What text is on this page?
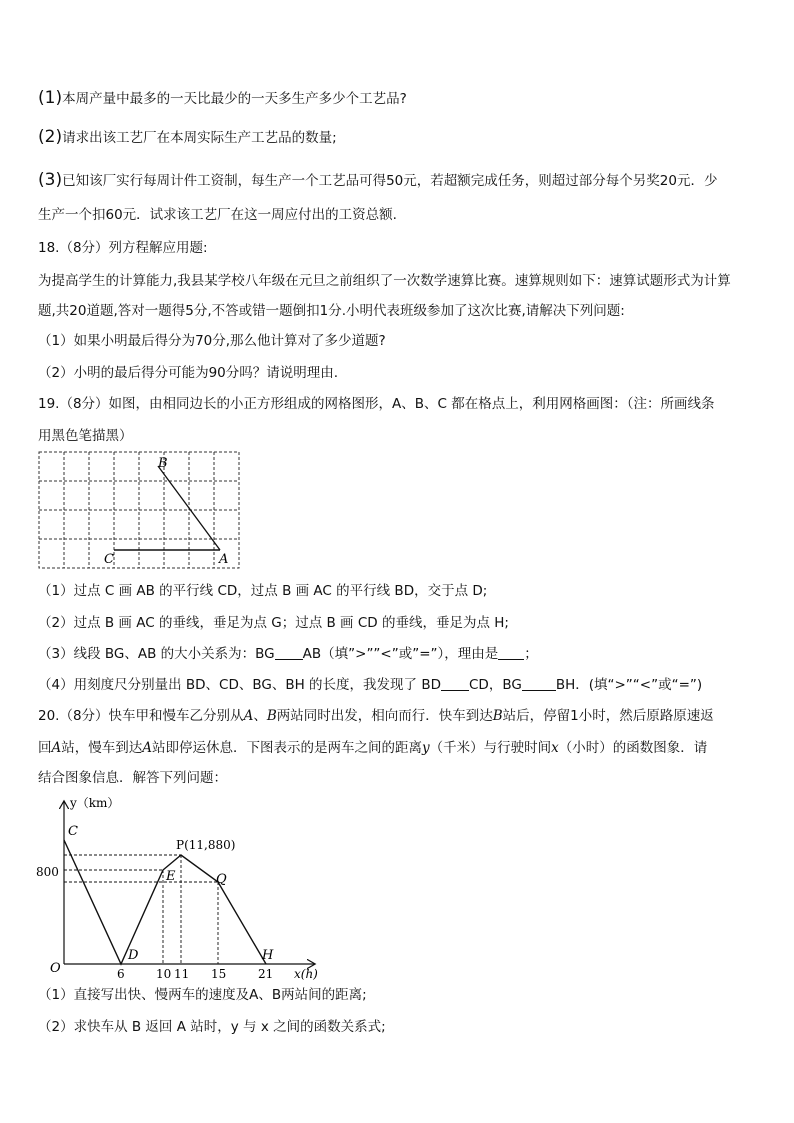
(1)本周产量中最多的一天比最少的一天多生产多少个工艺品?
(2)请求出该工艺厂在本周实际生产工艺品的数量;
(3)已知该厂实行每周计件工资制，每生产一个工艺品可得50元，若超额完成任务，则超过部分每个另奖20元．少
生产一个扣60元．试求该工艺厂在这一周应付出的工资总额.
18.（8分）列方程解应用题:
为提高学生的计算能力,我县某学校八年级在元旦之前组织了一次数学速算比赛。速算规则如下：速算试题形式为计算
题,共20道题,答对一题得5分,不答或错一题倒扣1分.小明代表班级参加了这次比赛,请解决下列问题:
（1）如果小明最后得分为70分,那么他计算对了多少道题?
（2）小明的最后得分可能为90分吗？请说明理由.
19.（8分）如图，由相同边长的小正方形组成的网格图形，A、B、C 都在格点上，利用网格画图：（注：所画线条
用黑色笔描黑）
B
C	A
（1）过点 C 画 AB 的平行线 CD，过点 B 画 AC 的平行线 BD，交于点 D;
（2）过点 B 画 AC 的垂线，垂足为点 G；过点 B 画 CD 的垂线，垂足为点 H;
（3）线段 BG、AB 的大小关系为：BG AB（填”>””<”或”=”），理由是 ；
（4）用刻度尺分别量出 BD、CD、BG、BH 的长度，我发现了 BD CD，BG	BH．(填“>”“<”或“=”)
20.（8分）快车甲和慢车乙分别从A、B两站同时出发，相向而行．快车到达B站后，停留1小时，然后原路原速返
回A站，慢车到达A站即停运休息．下图表示的是两车之间的距离y（千米）与行驶时间x（小时）的函数图象．请
结合图象信息．解答下列问题：
y（km）
x(h)
O
800
6	10 11 15	21
C
D
E
P(11,880)
Q
H
（1）直接写出快、慢两车的速度及A、B两站间的距离;
（2）求快车从 B 返回 A 站时，y 与 x 之间的函数关系式;
